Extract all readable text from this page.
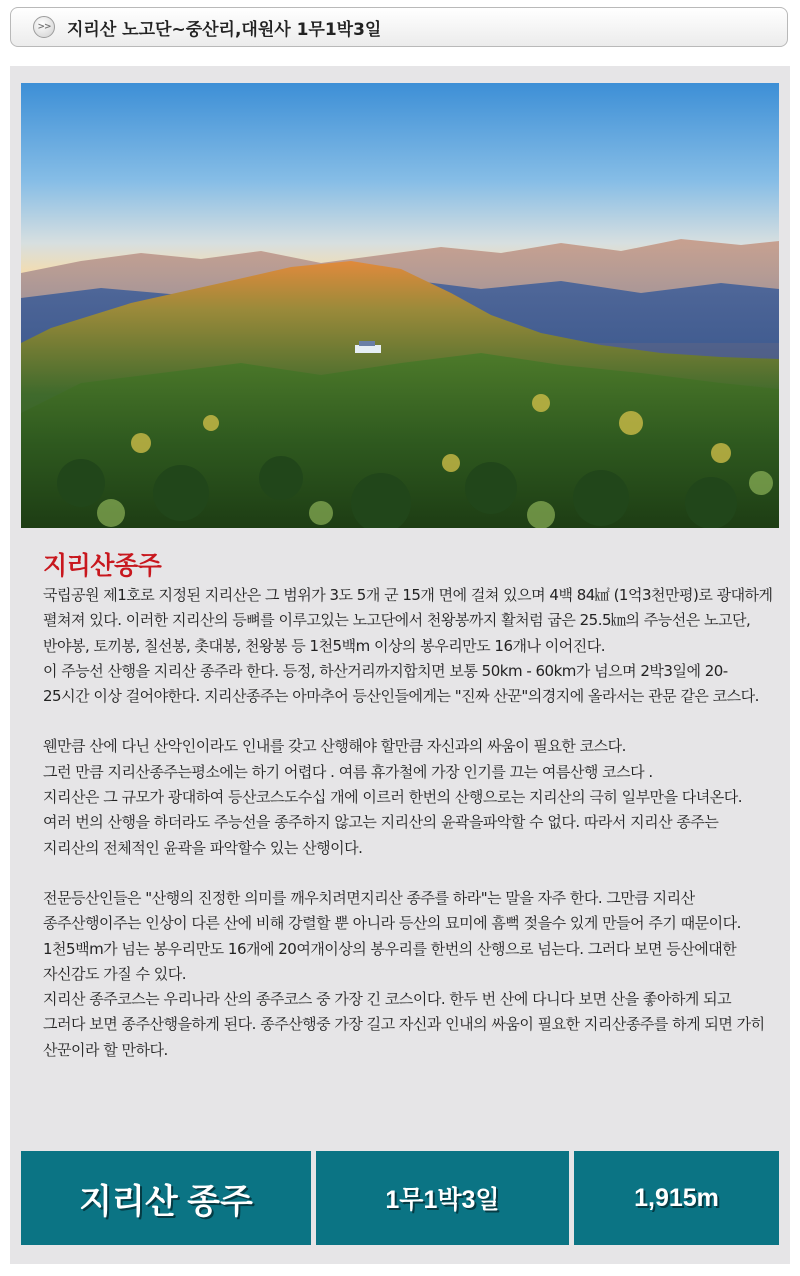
>> 지리산 노고단~중산리,대원사 1무1박3일
지리산종주
국립공원 제1호로 지정된 지리산은 그 범위가 3도 5개 군 15개 면에 걸쳐 있으며 4백 84㎢ (1억3천만평)로 광대하게 펼쳐져 있다. 이러한 지리산의 등뼈를 이루고있는 노고단에서 천왕봉까지 활처럼 굽은 25.5㎞의 주능선은 노고단, 반야봉, 토끼봉, 칠선봉, 촛대봉, 천왕봉 등 1천5백m 이상의 봉우리만도 16개나 이어진다.
이 주능선 산행을 지리산 종주라 한다. 등정, 하산거리까지합치면 보통 50km - 60km가 넘으며 2박3일에 20- 25시간 이상 걸어야한다. 지리산종주는 아마추어 등산인들에게는 "진짜 산꾼"의경지에 올라서는 관문 같은 코스다.
웬만큼 산에 다닌 산악인이라도 인내를 갖고 산행해야 할만큼 자신과의 싸움이 필요한 코스다.
그런 만큼 지리산종주는평소에는 하기 어렵다 . 여름 휴가철에 가장 인기를 끄는 여름산행 코스다 .
지리산은 그 규모가 광대하여 등산코스도수십 개에 이르러 한번의 산행으로는 지리산의 극히 일부만을 다녀온다. 여러 번의 산행을 하더라도 주능선을 종주하지 않고는 지리산의 윤곽을파악할 수 없다. 따라서 지리산 종주는 지리산의 전체적인 윤곽을 파악할수 있는 산행이다.
전문등산인들은 "산행의 진정한 의미를 깨우치려면지리산 종주를 하라"는 말을 자주 한다. 그만큼 지리산 종주산행이주는 인상이 다른 산에 비해 강렬할 뿐 아니라 등산의 묘미에 흠뻑 젖을수 있게 만들어 주기 때문이다. 1천5백m가 넘는 봉우리만도 16개에 20여개이상의 봉우리를 한번의 산행으로 넘는다. 그러다 보면 등산에대한 자신감도 가질 수 있다.
지리산 종주코스는 우리나라 산의 종주코스 중 가장 긴 코스이다. 한두 번 산에 다니다 보면 산을 좋아하게 되고 그러다 보면 종주산행을하게 된다. 종주산행중 가장 길고 자신과 인내의 싸움이 필요한 지리산종주를 하게 되면 가히 산꾼이라 할 만하다.
지리산 종주	1무1박3일	1,915m
